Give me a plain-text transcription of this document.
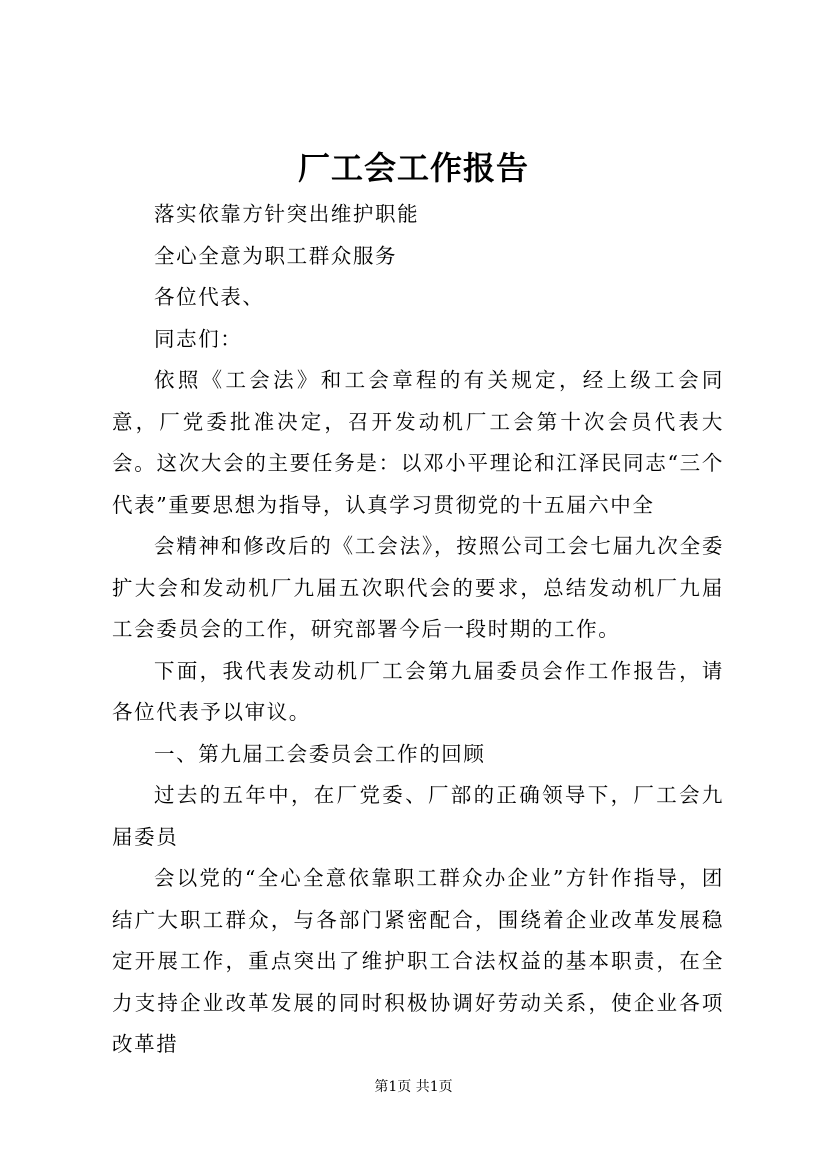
厂工会工作报告

落实依靠方针突出维护职能

全心全意为职工群众服务

各位代表、

同志们：

依照《工会法》和工会章程的有关规定，经上级工会同意，厂党委批准决定，召开发动机厂工会第十次会员代表大会。这次大会的主要任务是：以邓小平理论和江泽民同志“三个代表”重要思想为指导，认真学习贯彻党的十五届六中全

会精神和修改后的《工会法》，按照公司工会七届九次全委扩大会和发动机厂九届五次职代会的要求，总结发动机厂九届工会委员会的工作，研究部署今后一段时期的工作。

下面，我代表发动机厂工会第九届委员会作工作报告，请各位代表予以审议。

一、第九届工会委员会工作的回顾

过去的五年中，在厂党委、厂部的正确领导下，厂工会九届委员

会以党的“全心全意依靠职工群众办企业”方针作指导，团结广大职工群众，与各部门紧密配合，围绕着企业改革发展稳定开展工作，重点突出了维护职工合法权益的基本职责，在全力支持企业改革发展的同时积极协调好劳动关系，使企业各项改革措

第1页 共1页
